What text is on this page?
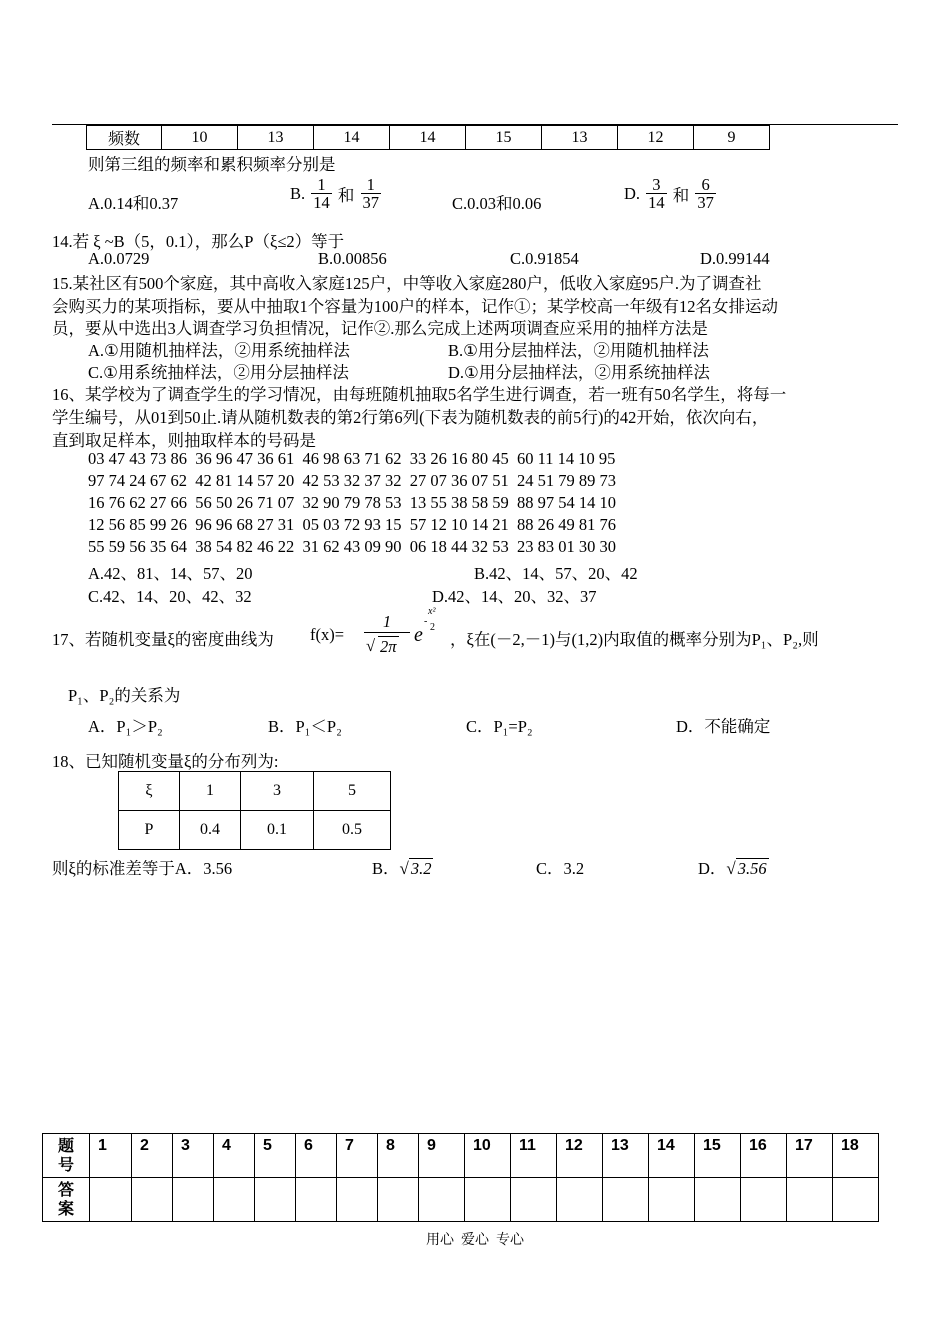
频数	10	13	14	14	15	13	12	9
则第三组的频率和累积频率分别是
A.0.14和0.37
B. $\frac{1}{14}$ 和 $\frac{1}{37}$	C.0.03和0.06
D. $\frac{3}{14}$ 和 $\frac{6}{37}$
14.若 ξ ~B（5，0.1），那么P（ξ≤2）等于
A.0.0729	B.0.00856	C.0.91854	D.0.99144
15.某社区有500个家庭，其中高收入家庭125户，中等收入家庭280户，低收入家庭95户.为了调查社
会购买力的某项指标，要从中抽取1个容量为100户的样本，记作①；某学校高一年级有12名女排运动
员，要从中选出3人调查学习负担情况，记作②.那么完成上述两项调查应采用的抽样方法是
A.①用随机抽样法，②用系统抽样法	B.①用分层抽样法，②用随机抽样法
C.①用系统抽样法，②用分层抽样法	D.①用分层抽样法，②用系统抽样法
16、某学校为了调查学生的学习情况，由每班随机抽取5名学生进行调查，若一班有50名学生，将每一
学生编号，从01到50止.请从随机数表的第2行第6列(下表为随机数表的前5行)的42开始，依次向右，
直到取足样本，则抽取样本的号码是
03 47 43 73 86  36 96 47 36 61  46 98 63 71 62  33 26 16 80 45  60 11 14 10 95
97 74 24 67 62  42 81 14 57 20  42 53 32 37 32  27 07 36 07 51  24 51 79 89 73
16 76 62 27 66  56 50 26 71 07  32 90 79 78 53  13 55 38 58 59  88 97 54 14 10
12 56 85 99 26  96 96 68 27 31  05 03 72 93 15  57 12 10 14 21  88 26 49 81 76
55 59 56 35 64  38 54 82 46 22  31 62 43 09 90  06 18 44 32 53  23 83 01 30 30
A.42、81、14、57、20	B.42、14、57、20、42
C.42、14、20、42、32	D.42、14、20、32、37
17、若随机变量ξ的密度曲线为 f(x)=
1
√ 2π
e
-
x²
2
，ξ在(－2,－1)与(1,2)内取值的概率分别为P₁、P₂,则
P₁、P₂的关系为
A．P₁＞P₂	B．P₁＜P₂	C．P₁=P₂	D．不能确定
18、已知随机变量ξ的分布列为:
ξ	1	3	5
P	0.4	0.1	0.5
则ξ的标准差等于A．3.56	B．√ 3.2	C．3.2	D．√ 3.56
题号	1	2	3	4	5	6	7	8	9	10	11	12	13	14	15	16	17	18

答案																		

用心  爱心  专心
